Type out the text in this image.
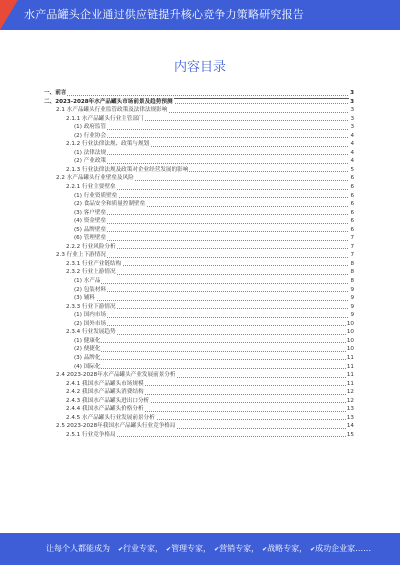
水产品罐头企业通过供应链提升核心竞争力策略研究报告
内容目录
一、前言	3
二、2023-2028年水产品罐头市场前景及趋势预测	3
2.1 水产品罐头行业监管政策及法律法规影响	3
2.1.1 水产品罐头行业主管部门	3
(1) 政府监管	3
(2) 行业协会	4
2.1.2 行业法律法规、政策与规划	4
(1) 法律法规	4
(2) 产业政策	4
2.1.3 行业法律法规及政策对企业经营发展的影响	5
2.2 水产品罐头行业壁垒及风险	6
2.2.1 行业主要壁垒	6
(1) 行业资质壁垒	6
(2) 食品安全和质量控制壁垒	6
(3) 客户壁垒	6
(4) 资金壁垒	6
(5) 品牌壁垒	6
(6) 管理壁垒	7
2.2.2 行业风险分析	7
2.3 行业上下游情况	7
2.3.1 行业产业链结构	8
2.3.2 行业上游情况	8
(1) 水产品	8
(2) 包装材料	9
(3) 辅料	9
2.3.3 行业下游情况	9
(1) 国内市场	9
(2) 国外市场	10
2.3.4 行业发展趋势	10
(1) 健康化	10
(2) 便捷化	10
(3) 品牌化	11
(4) 国际化	11
2.4 2023-2028年水产品罐头产业发展前景分析	11
2.4.1 我国水产品罐头市场规模	11
2.4.2 我国水产品罐头消费结构	12
2.4.3 我国水产品罐头进出口分析	12
2.4.4 我国水产品罐头价格分析	13
2.4.5 水产品罐头行业发展前景分析	13
2.5 2023-2028年我国水产品罐头行业竞争格局	14
2.5.1 行业竞争格局	15
让每个人都能成为	✔ 行业专家， ✔ 管理专家， ✔ 营销专家， ✔ 战略专家， ✔ 成功企业家……
